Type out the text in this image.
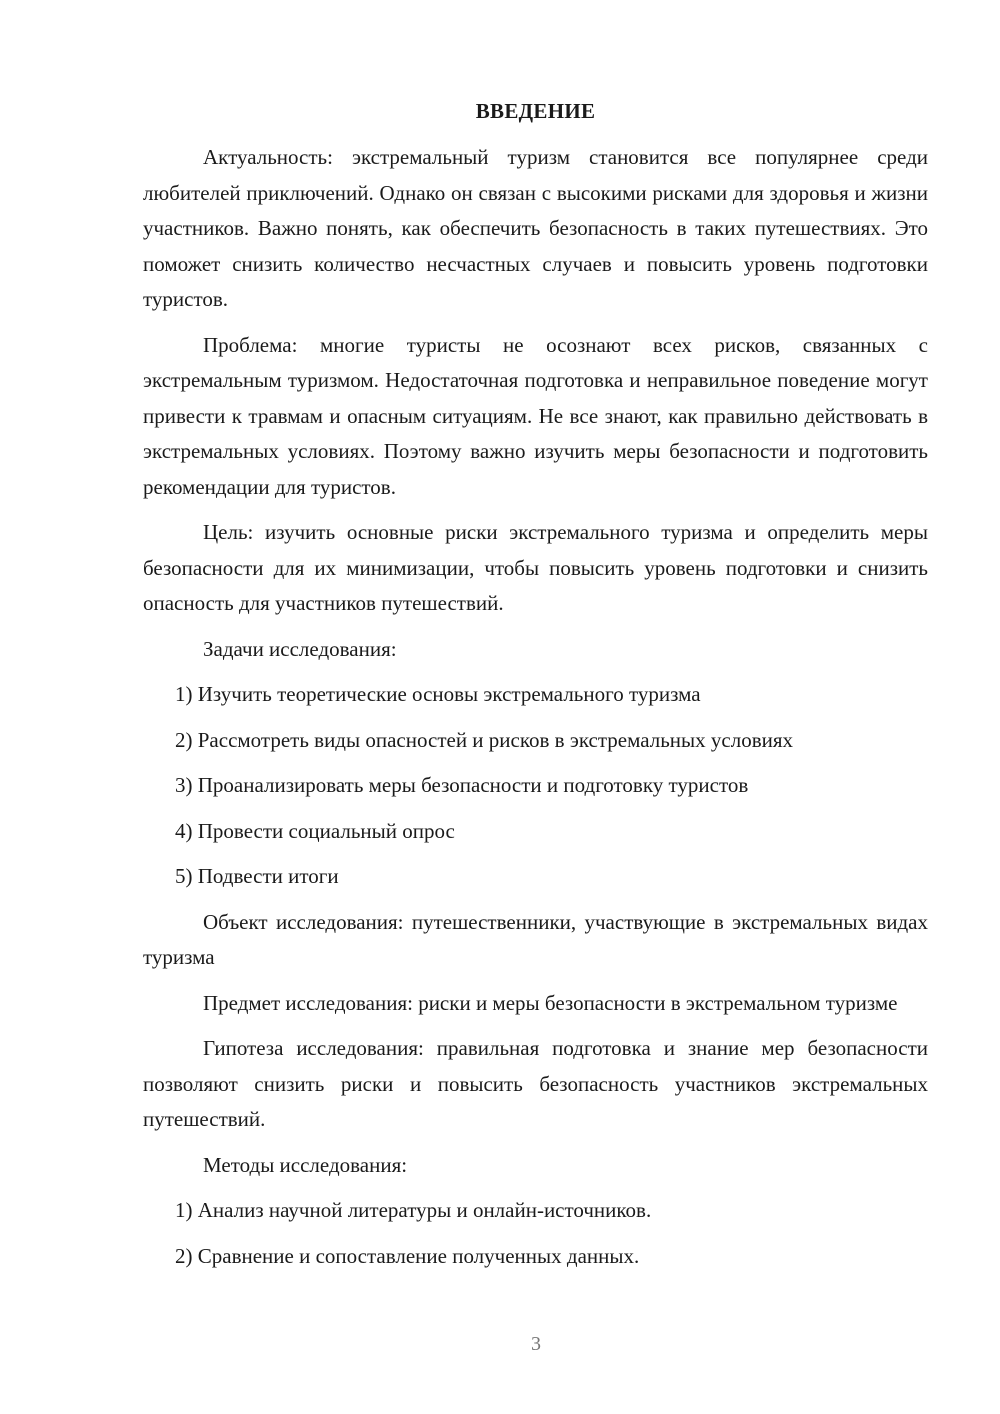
ВВЕДЕНИЕ

Актуальность: экстремальный туризм становится все популярнее среди любителей приключений. Однако он связан с высокими рисками для здоровья и жизни участников. Важно понять, как обеспечить безопасность в таких путешествиях. Это поможет снизить количество несчастных случаев и повысить уровень подготовки туристов.

Проблема: многие туристы не осознают всех рисков, связанных с экстремальным туризмом. Недостаточная подготовка и неправильное поведение могут привести к травмам и опасным ситуациям. Не все знают, как правильно действовать в экстремальных условиях. Поэтому важно изучить меры безопасности и подготовить рекомендации для туристов.

Цель: изучить основные риски экстремального туризма и определить меры безопасности для их минимизации, чтобы повысить уровень подготовки и снизить опасность для участников путешествий.

Задачи исследования:

1) Изучить теоретические основы экстремального туризма
2) Рассмотреть виды опасностей и рисков в экстремальных условиях
3) Проанализировать меры безопасности и подготовку туристов
4) Провести социальный опрос
5) Подвести итоги

Объект исследования: путешественники, участвующие в экстремальных видах туризма

Предмет исследования: риски и меры безопасности в экстремальном туризме

Гипотеза исследования: правильная подготовка и знание мер безопасности позволяют снизить риски и повысить безопасность участников экстремальных путешествий.

Методы исследования:

1) Анализ научной литературы и онлайн-источников.
2) Сравнение и сопоставление полученных данных.
3
